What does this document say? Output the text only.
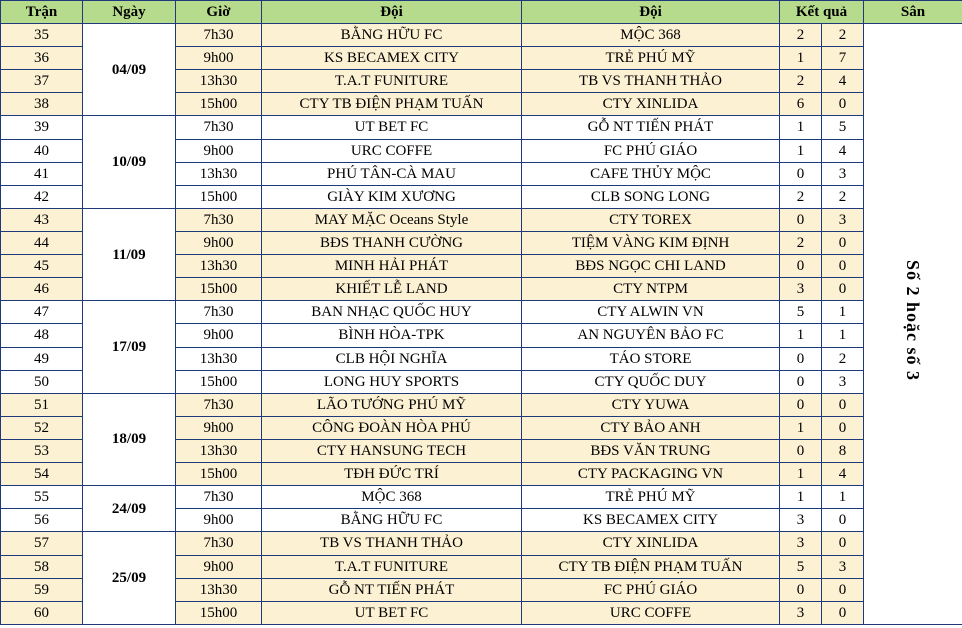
Trận	Ngày	Giờ	Đội	Đội	Kết quả		Sân
35	04/09	7h30	BẰNG HỮU FC	MỘC 368	2	2	Số 2 hoặc số 3
36		9h00	KS BECAMEX CITY	TRẺ PHÚ MỸ	1	7	
37		13h30	T.A.T FUNITURE	TB VS THANH THẢO	2	4	
38		15h00	CTY TB ĐIỆN PHẠM TUẤN	CTY XINLIDA	6	0	
39	10/09	7h30	UT BET FC	GỖ NT TIẾN PHÁT	1	5	
40		9h00	URC COFFE	FC PHÚ GIÁO	1	4	
41		13h30	PHÚ TÂN-CÀ MAU	CAFE THỦY MỘC	0	3	
42		15h00	GIÀY KIM XƯƠNG	CLB SONG LONG	2	2	
43	11/09	7h30	MAY MẶC Oceans Style	CTY TOREX	0	3	
44		9h00	BĐS THANH CƯỜNG	TIỆM VÀNG KIM ĐỊNH	2	0	
45		13h30	MINH HẢI PHÁT	BĐS NGỌC CHI LAND	0	0	
46		15h00	KHIẾT LỄ LAND	CTY NTPM	3	0	
47	17/09	7h30	BAN NHẠC QUỐC HUY	CTY ALWIN VN	5	1	
48		9h00	BÌNH HÒA-TPK	AN NGUYÊN BẢO FC	1	1	
49		13h30	CLB HỘI NGHĨA	TÁO STORE	0	2	
50		15h00	LONG HUY SPORTS	CTY QUỐC DUY	0	3	
51	18/09	7h30	LÃO TƯỚNG PHÚ MỸ	CTY YUWA	0	0	
52		9h00	CÔNG ĐOÀN HÒA PHÚ	CTY BẢO ANH	1	0	
53		13h30	CTY HANSUNG TECH	BĐS VĂN TRUNG	0	8	
54		15h00	TĐH ĐỨC TRÍ	CTY PACKAGING VN	1	4	
55	24/09	7h30	MỘC 368	TRẺ PHÚ MỸ	1	1	
56		9h00	BẰNG HỮU FC	KS BECAMEX CITY	3	0	
57	25/09	7h30	TB VS THANH THẢO	CTY XINLIDA	3	0	
58		9h00	T.A.T FUNITURE	CTY TB ĐIỆN PHẠM TUẤN	5	3	
59		13h30	GỖ NT TIẾN PHÁT	FC PHÚ GIÁO	0	0	
60		15h00	UT BET FC	URC COFFE	3	0	
